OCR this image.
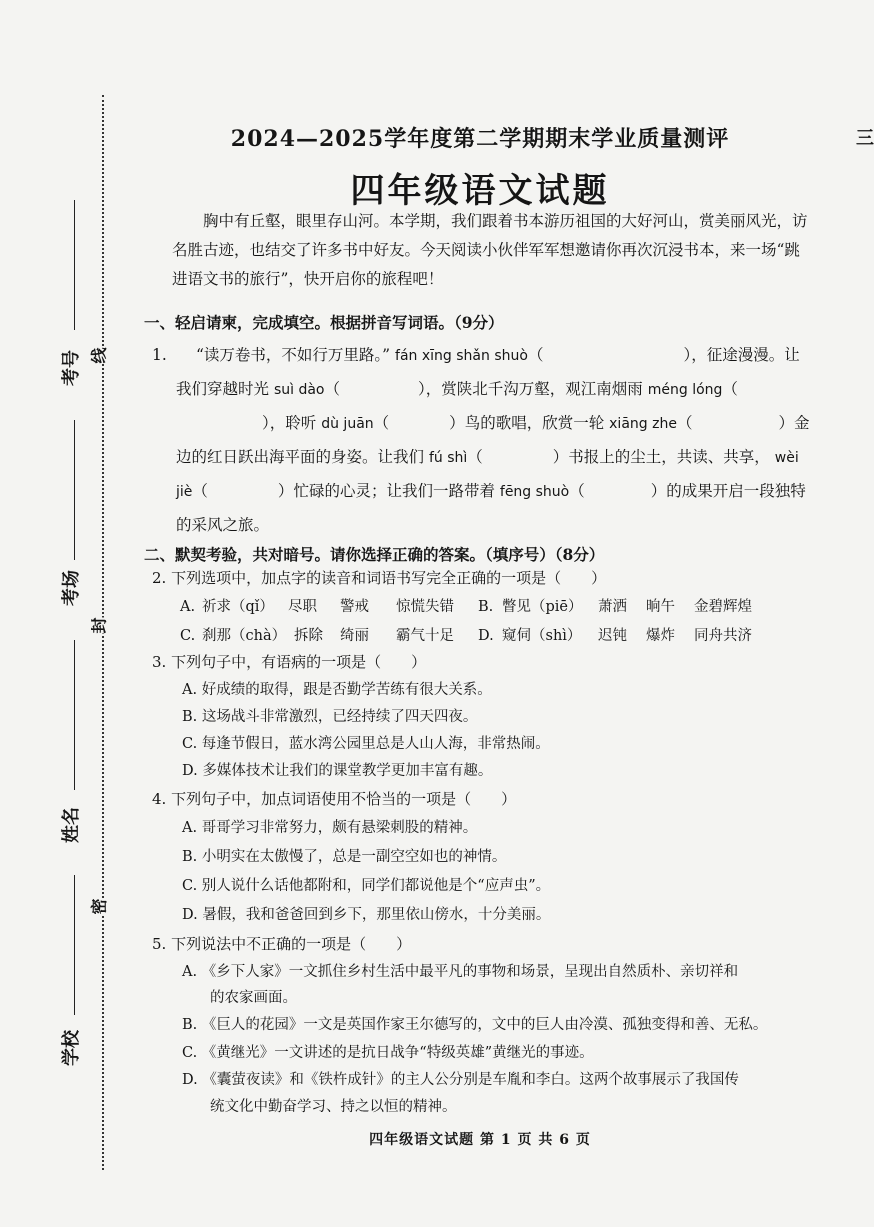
考号 线
考场
封
姓名
密
学校
三
2024—2025学年度第二学期期末学业质量测评
四年级语文试题
胸中有丘壑，眼里存山河。本学期，我们跟着书本游历祖国的大好河山，赏美丽风光，访名胜古迹，也结交了许多书中好友。今天阅读小伙伴军军想邀请你再次沉浸书本，来一场“跳进语文书的旅行”，快开启你的旅程吧！
一、轻启请柬，完成填空。根据拼音写词语。（9分）
1.	“读万卷书，不如行万里路。” fán xīng shǎn shuò（	），征途漫漫。让我们穿越时光 suì dào（	），赏陕北千沟万壑，观江南烟雨 méng lóng（），聆听 dù juān（	）鸟的歌唱，欣赏一轮 xiāng zhe（	）金边的红日跃出海平面的身姿。让我们 fú shì（	）书报上的尘土，共读、共享， wèi jiè（	）忙碌的心灵；让我们一路带着 fēng shuò（	）的成果开启一段独特的采风之旅。
二、默契考验，共对暗号。请你选择正确的答案。（填序号）（8分）
2. 下列选项中，加点字的读音和词语书写完全正确的一项是（　　）
A. 祈求（qǐ） 尽职 警戒 惊慌失错 B. 瞥见（piē） 萧洒 晌午 金碧辉煌
C. 刹那（chà） 拆除 绮丽 霸气十足 D. 窥伺（shì） 迟钝 爆炸 同舟共济
3. 下列句子中，有语病的一项是（　　）
A. 好成绩的取得，跟是否勤学苦练有很大关系。
B. 这场战斗非常激烈，已经持续了四天四夜。
C. 每逢节假日，蓝水湾公园里总是人山人海，非常热闹。
D. 多媒体技术让我们的课堂教学更加丰富有趣。
4. 下列句子中，加点词语使用不恰当的一项是（　　）
A. 哥哥学习非常努力，颇有悬梁刺股的精神。
B. 小明实在太傲慢了，总是一副空空如也的神情。
C. 别人说什么话他都附和，同学们都说他是个“应声虫”。
D. 暑假，我和爸爸回到乡下，那里依山傍水，十分美丽。
5. 下列说法中不正确的一项是（　　）
A. 《乡下人家》一文抓住乡村生活中最平凡的事物和场景，呈现出自然质朴、亲切祥和
的农家画面。
B. 《巨人的花园》一文是英国作家王尔德写的，文中的巨人由冷漠、孤独变得和善、无私。
C. 《黄继光》一文讲述的是抗日战争“特级英雄”黄继光的事迹。
D. 《囊萤夜读》和《铁杵成针》的主人公分别是车胤和李白。这两个故事展示了我国传
统文化中勤奋学习、持之以恒的精神。
四年级语文试题 第 1 页 共 6 页
